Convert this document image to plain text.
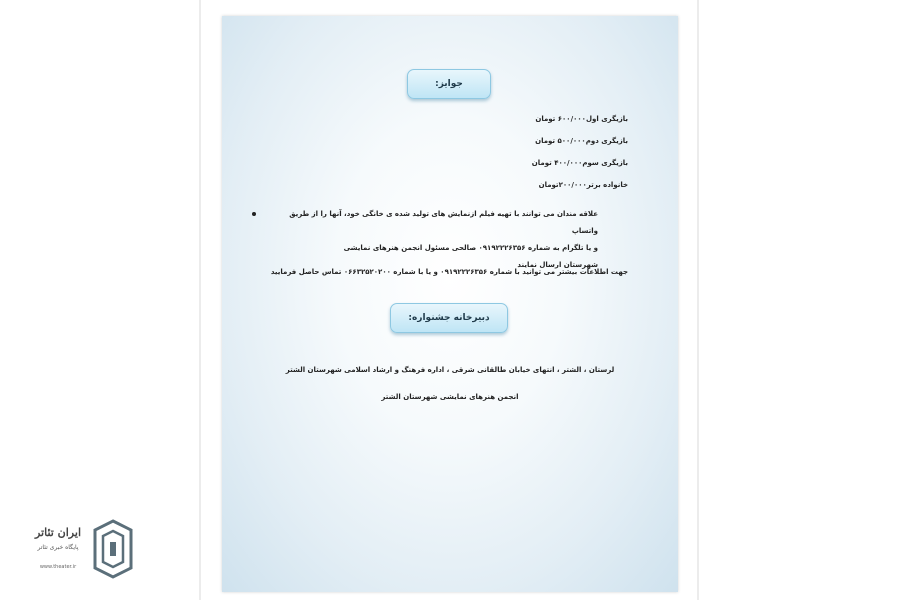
جوایز:
بازیگری اول۶۰۰/۰۰۰ تومان
بازیگری دوم۵۰۰/۰۰۰ تومان
بازیگری سوم۴۰۰/۰۰۰ تومان
خانواده برتر۲۰۰/۰۰۰تومان
علاقه مندان می توانند با تهیه فیلم ازنمایش های تولید شده ی خانگی خود، آنها را از طریق واتساپ
و یا تلگرام به شماره ۰۹۱۹۲۲۲۶۳۵۶ صالحی مسئول انجمن هنرهای نمایشی
شهرستان ارسال نمایند
جهت اطلاعات بیشتر می توانید با شماره ۰۹۱۹۲۲۲۶۳۵۶ و یا با شماره ۰۶۶۳۲۵۲۰۲۰۰ تماس حاصل فرمایید
دبیرخانه جشنواره:
لرستان ، الشتر ، انتهای خیابان طالقانی شرقی ، اداره فرهنگ و ارشاد اسلامی شهرستان الشتر
انجمن هنرهای نمایشی شهرستان الشتر
ایران تئاتر
پایگاه خبری تئاتر
www.theater.ir
